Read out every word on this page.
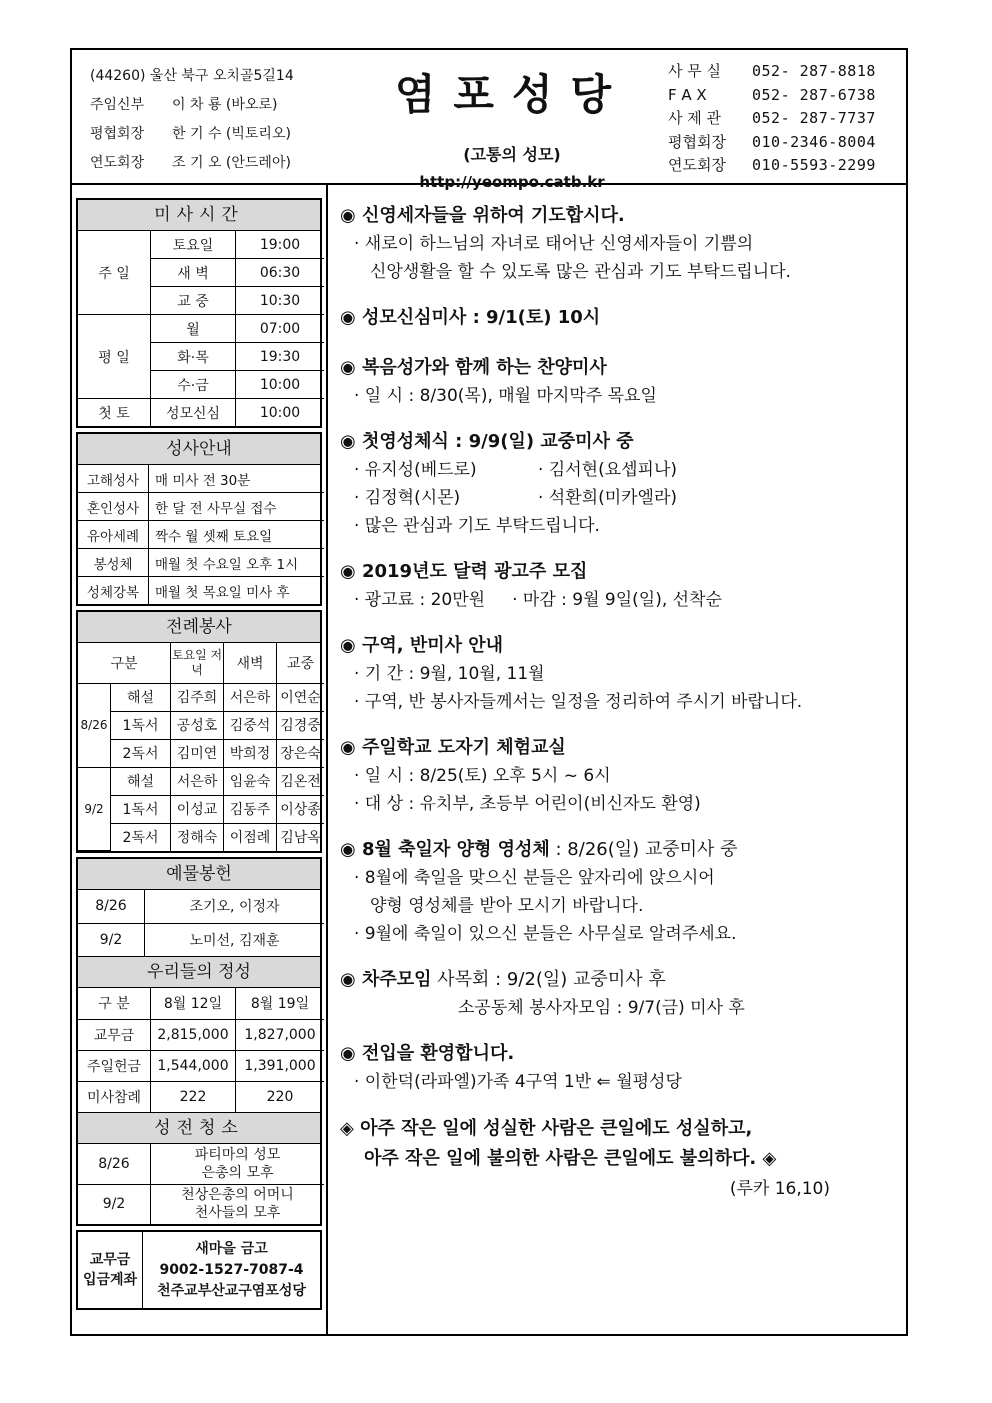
(44260) 울산 북구 오치골5길14
주임신부 이 차 룡 (바오로)
평협회장 한 기 수 (빅토리오)
연도회장 조 기 오 (안드레아)
염포성당
(고통의 성모)
http://yeompo.catb.kr
사 무 실 052- 287-8818
F A X	052- 287-6738
사 제 관 052- 287-7737
평협회장 010-2346-8004
연도회장 010-5593-2299
미사시간
주 일	토요일	19:00
	새 벽	06:30
	교 중	10:30
평 일	월	07:00
	화·목	19:30
	수·금	10:00
첫 토	성모신심	10:00
성사안내
고해성사	매 미사 전 30분
혼인성사	한 달 전 사무실 접수
유아세례	짝수 월 셋째 토요일
봉성체	매월 첫 수요일 오후 1시
성체강복	매월 첫 목요일 미사 후
전례봉사
구분		토요일 저녁	새벽	교중
8/26	해설	김주희	서은하	이연순
	1독서	공성호	김중석	김경중
	2독서	김미연	박희정	장은숙
9/2	해설	서은하	임윤숙	김온전
	1독서	이성교	김동주	이상종
	2독서	정해숙	이점례	김남옥
예물봉헌
8/26	조기오, 이정자
9/2	노미선, 김재훈
우리들의 정성
구 분	8월 12일	8월 19일
교무금	2,815,000	1,827,000
주일헌금	1,544,000	1,391,000
미사참례	222	220
성전청소
8/26	파티마의 성모
은총의 모후

9/2	천상은총의 어머니
천사들의 모후
교무금
입금계좌
새마을 금고
9002-1527-7087-4
천주교부산교구염포성당
◉ 신영세자들을 위하여 기도합시다.
· 새로이 하느님의 자녀로 태어난 신영세자들이 기쁨의
신앙생활을 할 수 있도록 많은 관심과 기도 부탁드립니다.
◉ 성모신심미사 : 9/1(토) 10시
◉ 복음성가와 함께 하는 찬양미사
· 일 시 : 8/30(목), 매월 마지막주 목요일
◉ 첫영성체식 : 9/9(일) 교중미사 중
· 유지성(베드로)	· 김서현(요셉피나)
· 김정혁(시몬)	· 석환희(미카엘라)
· 많은 관심과 기도 부탁드립니다.
◉ 2019년도 달력 광고주 모집
· 광고료 : 20만원     · 마감 : 9월 9일(일), 선착순
◉ 구역, 반미사 안내
· 기 간 : 9월, 10월, 11월
· 구역, 반 봉사자들께서는 일정을 정리하여 주시기 바랍니다.
◉ 주일학교 도자기 체험교실
· 일 시 : 8/25(토) 오후 5시 ~ 6시
· 대 상 : 유치부, 초등부 어린이(비신자도 환영)
◉ 8월 축일자 양형 영성체 : 8/26(일) 교중미사 중
· 8월에 축일을 맞으신 분들은 앞자리에 앉으시어
양형 영성체를 받아 모시기 바랍니다.
· 9월에 축일이 있으신 분들은 사무실로 알려주세요.
◉ 차주모임 사목회 : 9/2(일) 교중미사 후
소공동체 봉사자모임 : 9/7(금) 미사 후
◉ 전입을 환영합니다.
· 이한덕(라파엘)가족 4구역 1반 ⇐ 월평성당
◈ 아주 작은 일에 성실한 사람은 큰일에도 성실하고,
아주 작은 일에 불의한 사람은 큰일에도 불의하다. ◈
(루카 16,10)
